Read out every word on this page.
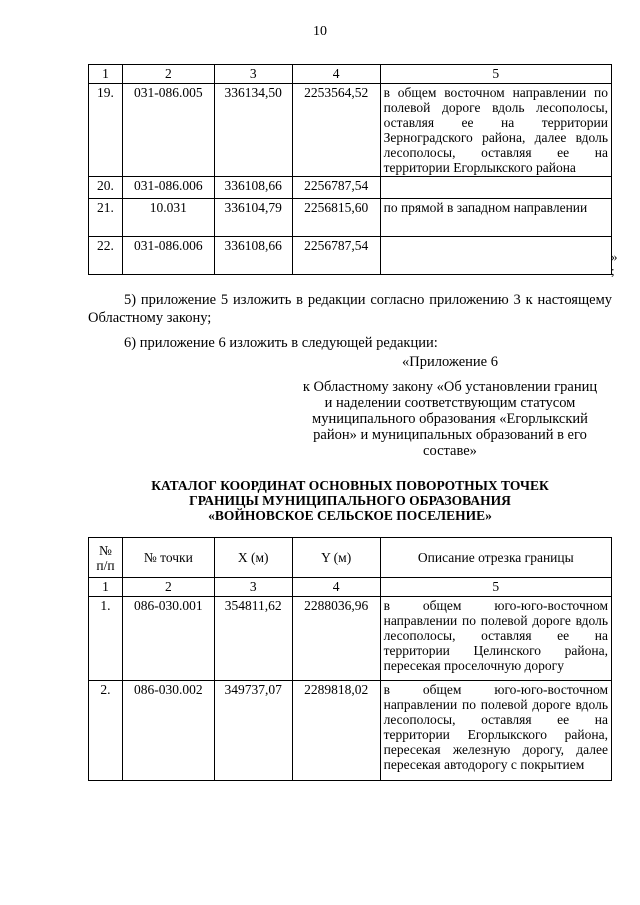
10
1	2	3	4	5
19.	031-086.005	336134,50	2253564,52	в общем восточном направлении по полевой дороге вдоль лесополосы, оставляя ее на территории Зерноградского района, далее вдоль лесополосы, оставляя ее на территории Егорлыкского района
20.	031-086.006	336108,66	2256787,54	
21.	10.031	336104,79	2256815,60	по прямой в западном направлении
22.	031-086.006	336108,66	2256787,54	
»
;
5) приложение 5 изложить в редакции согласно приложению 3 к настоящему Областному закону;
6) приложение 6 изложить в следующей редакции:
«Приложение 6
к Областному закону «Об установлении границ и наделении соответствующим статусом муниципального образования «Егорлыкский район» и муниципальных образований в его составе»
КАТАЛОГ КООРДИНАТ ОСНОВНЫХ ПОВОРОТНЫХ ТОЧЕК
ГРАНИЦЫ МУНИЦИПАЛЬНОГО ОБРАЗОВАНИЯ
«ВОЙНОВСКОЕ СЕЛЬСКОЕ ПОСЕЛЕНИЕ»
№ п/п	№ точки	X (м)	Y (м)	Описание отрезка границы
1	2	3	4	5
1.	086-030.001	354811,62	2288036,96	в общем юго-юго-восточном направлении по полевой дороге вдоль лесополосы, оставляя ее на территории Целинского района, пересекая проселочную дорогу
2.	086-030.002	349737,07	2289818,02	в общем юго-юго-восточном направлении по полевой дороге вдоль лесополосы, оставляя ее на территории Егорлыкского района, пересекая железную дорогу, далее пересекая автодорогу с покрытием
